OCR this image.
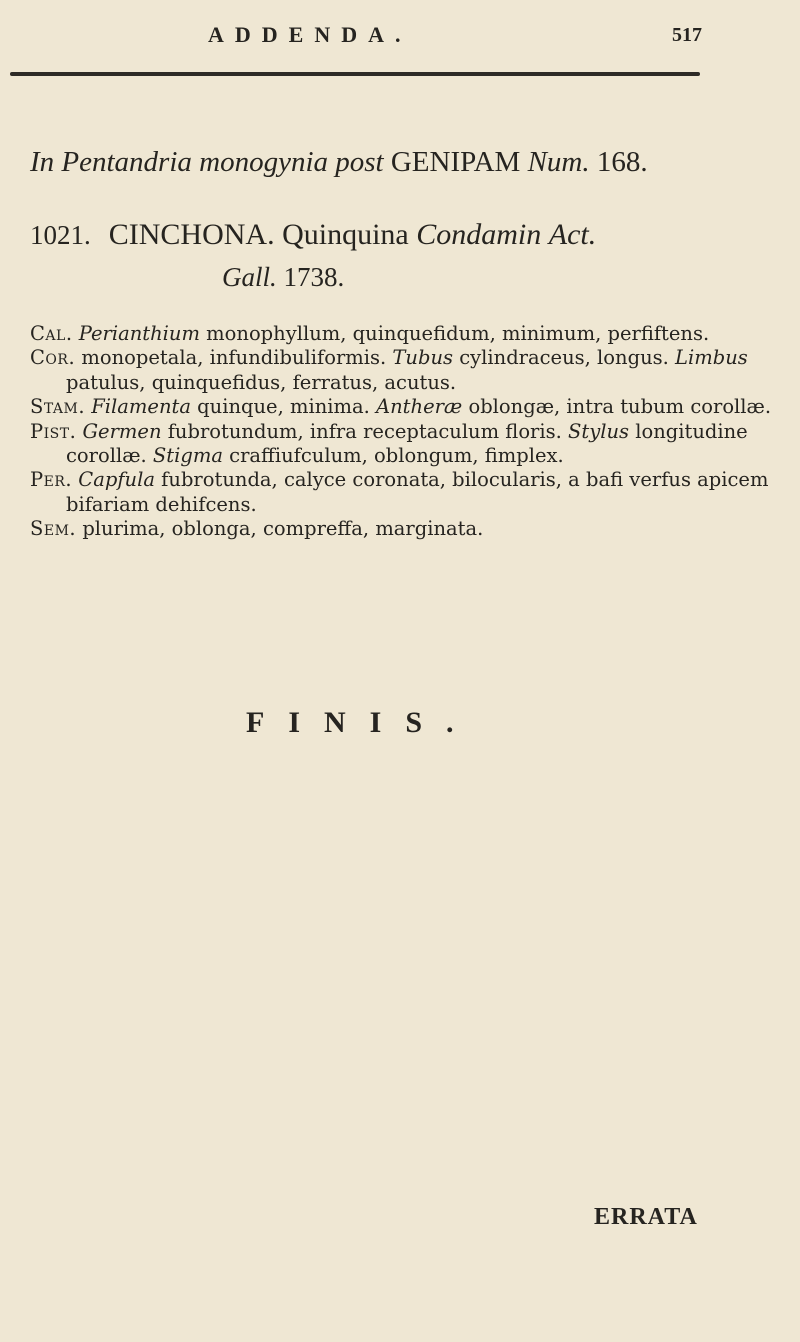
ADDENDA.	517
In Pentandria monogynia post GENIPAM Num. 168.
1021. CINCHONA. Quinquina Condamin Act.
Gall. 1738.
Cal. Perianthium monophyllum, quinquefidum, minimum, perfiftens.
Cor. monopetala, infundibuliformis. Tubus cylindraceus, longus. Limbus patulus, quinquefidus, ferratus, acutus.
Stam. Filamenta quinque, minima. Antheræ oblongæ, intra tubum corollæ.
Pist. Germen fubrotundum, infra receptaculum floris. Stylus longitudine corollæ. Stigma craffiufculum, oblongum, fimplex.
Per. Capfula fubrotunda, calyce coronata, bilocularis, a bafi verfus apicem bifariam dehifcens.
Sem. plurima, oblonga, compreffa, marginata.
FINIS.
ERRATA
